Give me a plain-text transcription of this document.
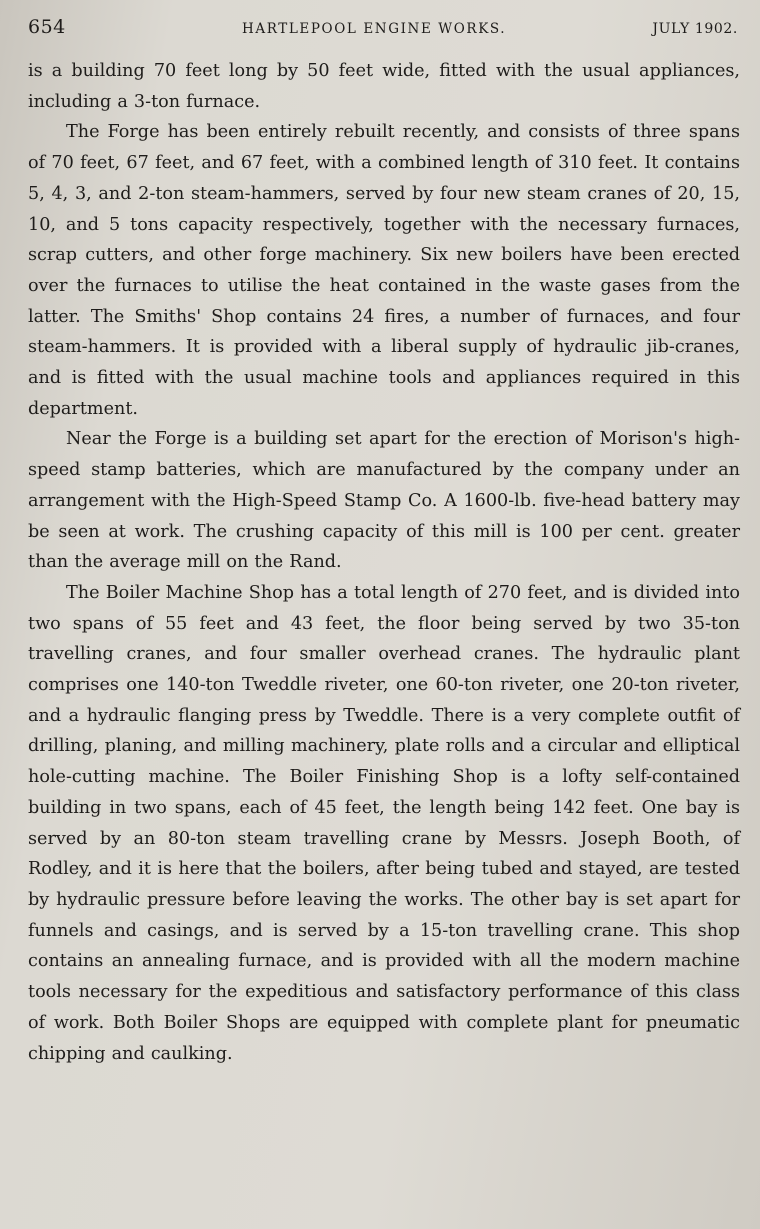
654	HARTLEPOOL ENGINE WORKS.	JULY 1902.

is a building 70 feet long by 50 feet wide, fitted with the usual appliances, including a 3-ton furnace.

The Forge has been entirely rebuilt recently, and consists of three spans of 70 feet, 67 feet, and 67 feet, with a combined length of 310 feet. It contains 5, 4, 3, and 2-ton steam-hammers, served by four new steam cranes of 20, 15, 10, and 5 tons capacity respectively, together with the necessary furnaces, scrap cutters, and other forge machinery. Six new boilers have been erected over the furnaces to utilise the heat contained in the waste gases from the latter. The Smiths' Shop contains 24 fires, a number of furnaces, and four steam-hammers. It is provided with a liberal supply of hydraulic jib-cranes, and is fitted with the usual machine tools and appliances required in this department.

Near the Forge is a building set apart for the erection of Morison's high-speed stamp batteries, which are manufactured by the company under an arrangement with the High-Speed Stamp Co. A 1600-lb. five-head battery may be seen at work. The crushing capacity of this mill is 100 per cent. greater than the average mill on the Rand.

The Boiler Machine Shop has a total length of 270 feet, and is divided into two spans of 55 feet and 43 feet, the floor being served by two 35-ton travelling cranes, and four smaller overhead cranes. The hydraulic plant comprises one 140-ton Tweddle riveter, one 60-ton riveter, one 20-ton riveter, and a hydraulic flanging press by Tweddle. There is a very complete outfit of drilling, planing, and milling machinery, plate rolls and a circular and elliptical hole-cutting machine. The Boiler Finishing Shop is a lofty self-contained building in two spans, each of 45 feet, the length being 142 feet. One bay is served by an 80-ton steam travelling crane by Messrs. Joseph Booth, of Rodley, and it is here that the boilers, after being tubed and stayed, are tested by hydraulic pressure before leaving the works. The other bay is set apart for funnels and casings, and is served by a 15-ton travelling crane. This shop contains an annealing furnace, and is provided with all the modern machine tools necessary for the expeditious and satisfactory performance of this class of work. Both Boiler Shops are equipped with complete plant for pneumatic chipping and caulking.
